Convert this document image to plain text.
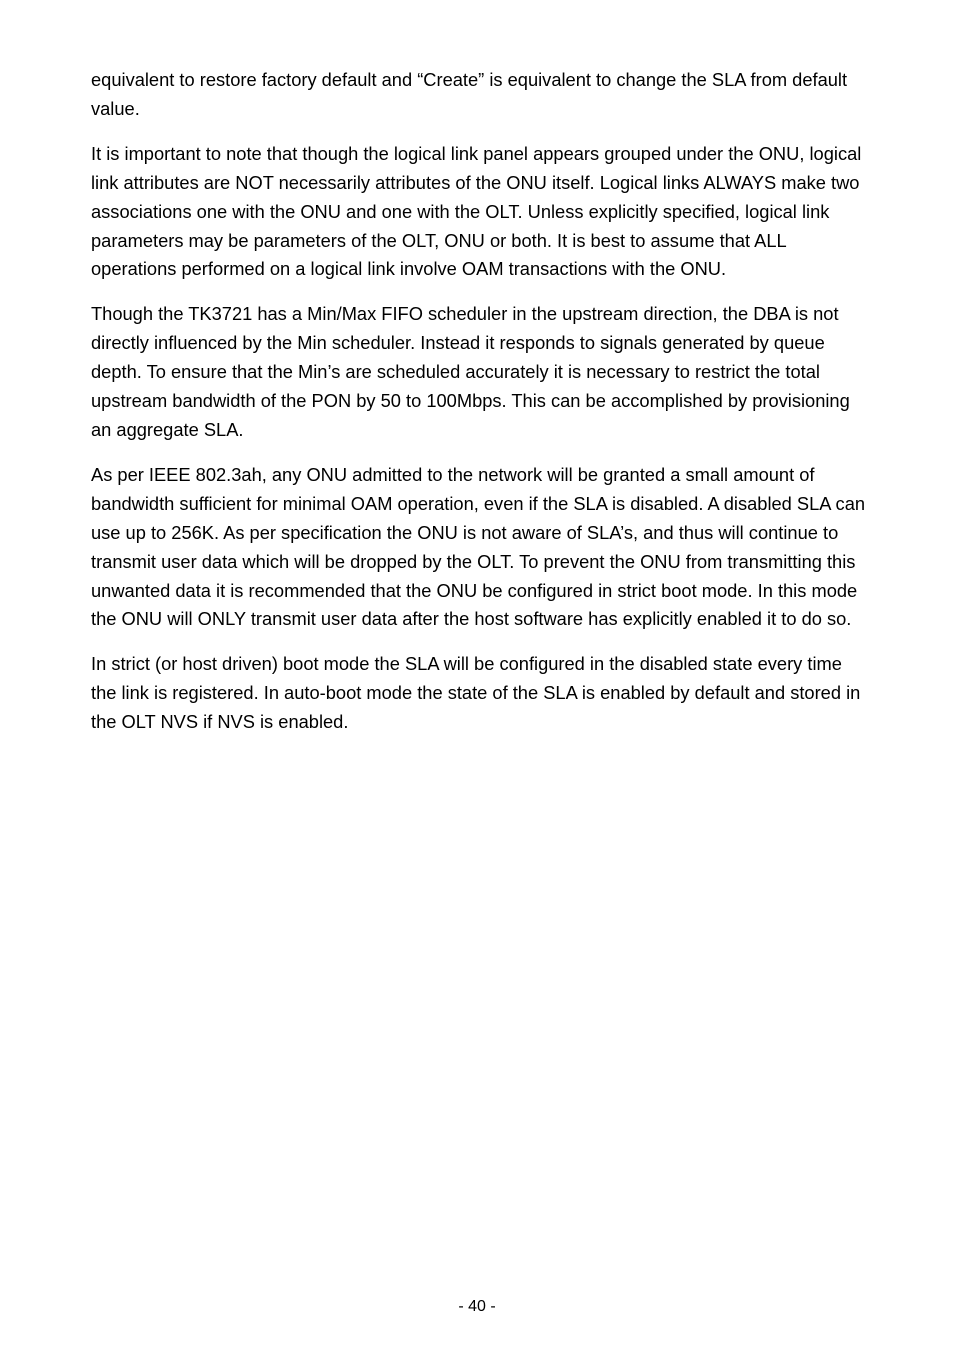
equivalent to restore factory default and “Create” is equivalent to change the SLA from default value.

It is important to note that though the logical link panel appears grouped under the ONU, logical link attributes are NOT necessarily attributes of the ONU itself. Logical links ALWAYS make two associations one with the ONU and one with the OLT. Unless explicitly specified, logical link parameters may be parameters of the OLT, ONU or both. It is best to assume that ALL operations performed on a logical link involve OAM transactions with the ONU.

Though the TK3721 has a Min/Max FIFO scheduler in the upstream direction, the DBA is not directly influenced by the Min scheduler. Instead it responds to signals generated by queue depth. To ensure that the Min’s are scheduled accurately it is necessary to restrict the total upstream bandwidth of the PON by 50 to 100Mbps. This can be accomplished by provisioning an aggregate SLA.

As per IEEE 802.3ah, any ONU admitted to the network will be granted a small amount of bandwidth sufficient for minimal OAM operation, even if the SLA is disabled. A disabled SLA can use up to 256K. As per specification the ONU is not aware of SLA’s, and thus will continue to transmit user data which will be dropped by the OLT. To prevent the ONU from transmitting this unwanted data it is recommended that the ONU be configured in strict boot mode. In this mode the ONU will ONLY transmit user data after the host software has explicitly enabled it to do so.

In strict (or host driven) boot mode the SLA will be configured in the disabled state every time the link is registered. In auto-boot mode the state of the SLA is enabled by default and stored in the OLT NVS if NVS is enabled.

- 40 -
